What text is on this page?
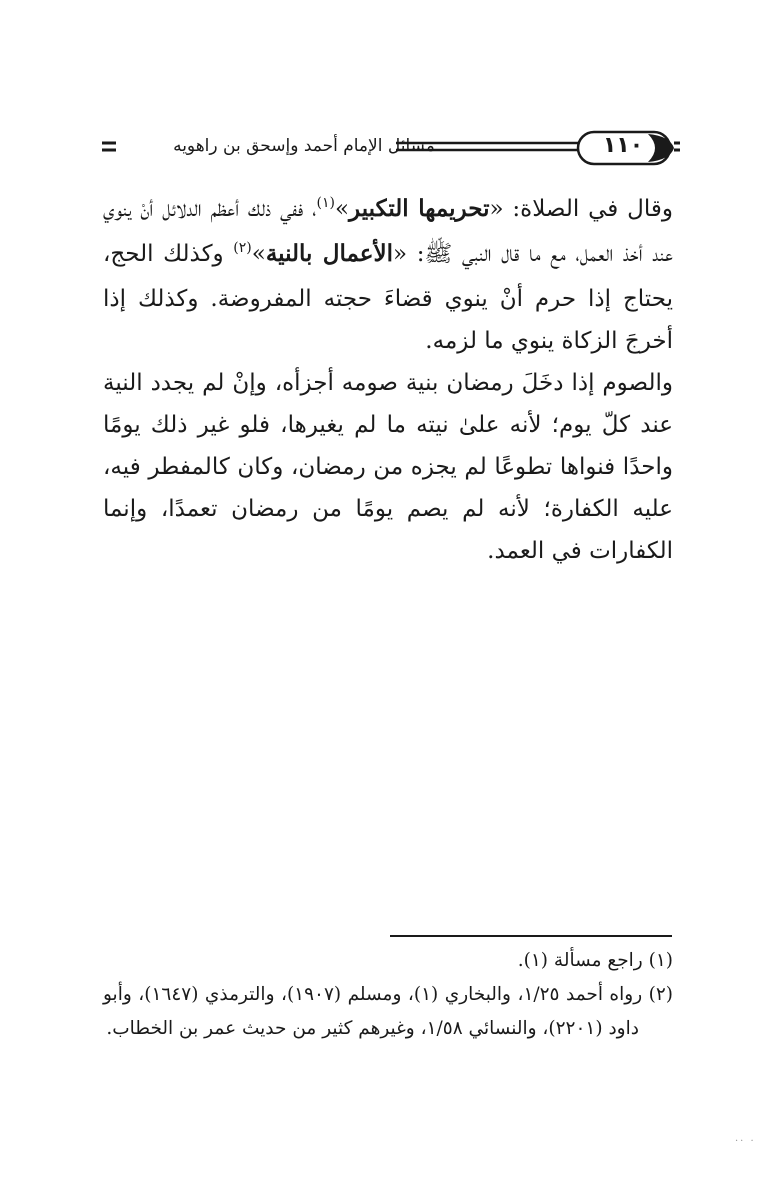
مسائل الإمام أحمد وإسحق بن راهويه	١١٠

وقال في الصلاة: «تحريمها التكبير»$^{(١)}$، ففي ذلك أعظم الدلائل أنْ ينوي عند أخذ العمل، مع ما قال النبي ﷺ: «الأعمال بالنية»$^{(٢)}$ وكذلك الحج، يحتاج إذا حرم أنْ ينوي قضاءَ حجته المفروضة. وكذلك إذا أخرجَ الزكاة ينوي ما لزمه.

والصوم إذا دخَلَ رمضان بنية صومه أجزأه، وإنْ لم يجدد النية عند كلّ يوم؛ لأنه علىٰ نيته ما لم يغيرها، فلو غير ذلك يومًا واحدًا فنواها تطوعًا لم يجزه من رمضان، وكان كالمفطر فيه، عليه الكفارة؛ لأنه لم يصم يومًا من رمضان تعمدًا، وإنما الكفارات في العمد.

(١) راجع مسألة (١).

(٢) رواه أحمد ١/٢٥، والبخاري (١)، ومسلم (١٩٠٧)، والترمذي (١٦٤٧)، وأبو داود (٢٢٠١)، والنسائي ١/٥٨، وغيرهم كثير من حديث عمر بن الخطاب.

·· ·
